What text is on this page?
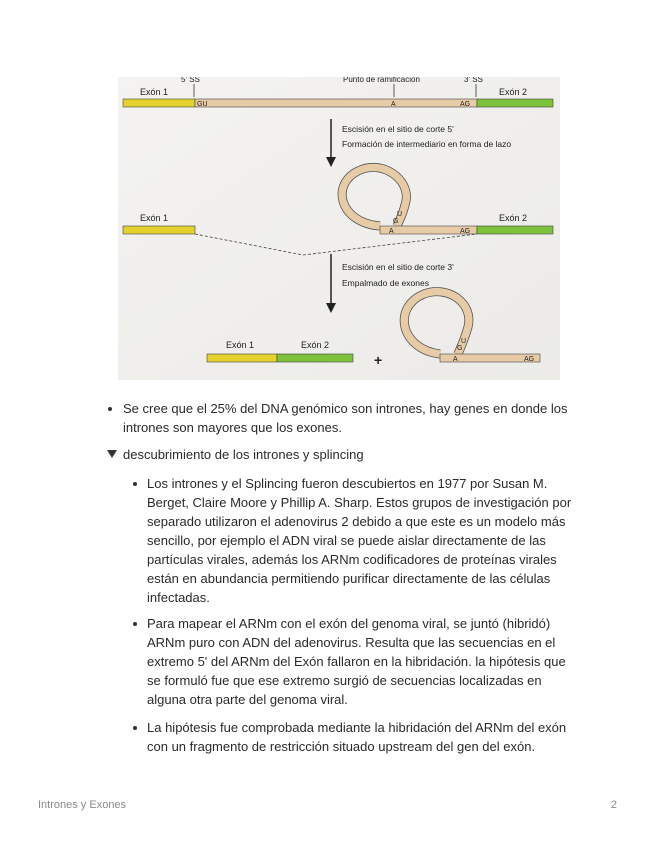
5' SS	Punto de ramificación	3' SS
Exón 1	Exón 2
GU	A	AG
Escisión en el sitio de corte 5'
Formación de intermediario en forma de lazo
Exón 1	Exón 2
A
G
U
AG
Escisión en el sitio de corte 3'
Empalmado de exones
Exón 1	Exón 2
+	A
G
U
AG
Se cree que el 25% del DNA genómico son intrones, hay genes en donde los
intrones son mayores que los exones.
descubrimiento de los intrones y splincing
Los intrones y el Splincing fueron descubiertos en 1977 por Susan M.
Berget, Claire Moore y Phillip A. Sharp. Estos grupos de investigación por
separado utilizaron el adenovirus 2 debido a que este es un modelo más
sencillo, por ejemplo el ADN viral se puede aislar directamente de las
partículas virales, además los ARNm codificadores de proteínas virales
están en abundancia permitiendo purificar directamente de las células
infectadas.
Para mapear el ARNm con el exón del genoma viral, se juntó (hibridó)
ARNm puro con ADN del adenovirus. Resulta que las secuencias en el
extremo 5' del ARNm del Exón fallaron en la hibridación. la hipótesis que
se formuló fue que ese extremo surgió de secuencias localizadas en
alguna otra parte del genoma viral.
La hipótesis fue comprobada mediante la hibridación del ARNm del exón
con un fragmento de restricción situado upstream del gen del exón.
Intrones y Exones	2
